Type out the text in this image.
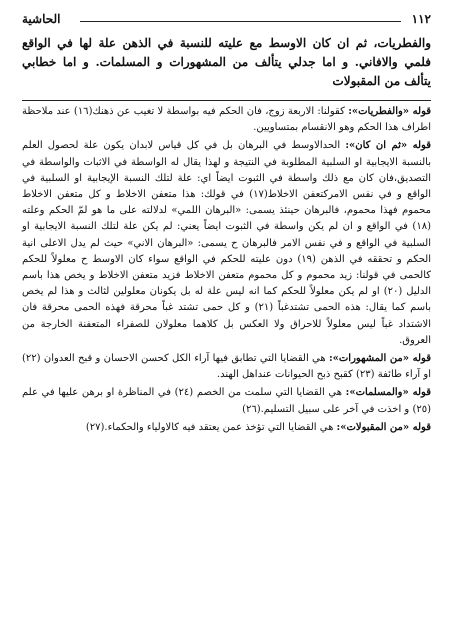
١١٢
الحاشية

والفطريات، ثم ان كان الاوسط مع عليته للنسبة في الذهن علة لها في الواقع فلمي والافاني. و اما جدلي يتألف من المشهورات و المسلمات. و اما خطابي يتألف من المقبولات

قوله «والفطريات»: كقولنا: الاربعة زوج، فان الحكم فيه بواسطة لا تغيب عن ذهنك(١٦) عند ملاحظة اطراف هذا الحكم وهو الانقسام بمتساويين.

قوله «ثم ان كان»: الحدالاوسط في البرهان بل في كل قياس لابدان يكون علة لحصول العلم بالنسبة الايجابية او السلبية المطلوبة في النتيجة و لهذا يقال له الواسطة في الاثبات والواسطة في التصديق،فان كان مع ذلك واسطة في الثبوت ايضاً اي: علة لتلك النسبة الإيجابية او السلبية في الواقع و في نفس الامركتعفن الاخلاط(١٧) في قولك: هذا متعفن الاخلاط و كل متعفن الاخلاط محموم فهذا محموم، فالبرهان حينئذ يسمى: «البرهان اللمي» لدلالته على ما هو لمّ الحكم وعلته (١٨) في الواقع و ان لم يكن واسطة في الثبوت ايضاً يعني: لم يكن علة لتلك النسبة الايجابية او السلبية في الواقع و في نفس الامر فالبرهان ح يسمى: «البرهان الاني» حيث لم يدل الاعلى انية الحكم و تحققه في الذهن (١٩) دون عليته للحكم في الواقع سواء كان الاوسط ح معلولاً للحكم كالحمى في قولنا: زيد محموم و كل محموم متعفن الاخلاط فزيد متعفن الاخلاط و يخص هذا باسم الدليل (٢٠) او لم يكن معلولاً للحكم كما انه ليس علة له بل يكونان معلولين لثالث و هذا لم يخص باسم كما يقال: هذه الحمى تشتدغباً (٢١) و كل حمى تشتد غباً محرقة فهذه الحمى محرقة فان الاشتداد غباً ليس معلولاً للاحراق ولا العكس بل كلاهما معلولان للصفراء المتعفنة الخارجة من العروق.

قوله «من المشهورات»: هي القضايا التي تطابق فيها آراء الكل كحسن الاحسان و قبح العدوان (٢٢) او آراء طائفة (٢٣) كقبح ذبح الحيوانات عنداهل الهند.

قوله «والمسلمات»: هي القضايا التي سلمت من الخصم (٢٤) في المناظرة او برهن عليها في علم (٢٥) و اخذت في آخر على سبيل التسليم.(٢٦)

قوله «من المقبولات»: هي القضايا التي تؤخذ عمن يعتقد فيه كالاولياء والحكماء.(٢٧)
